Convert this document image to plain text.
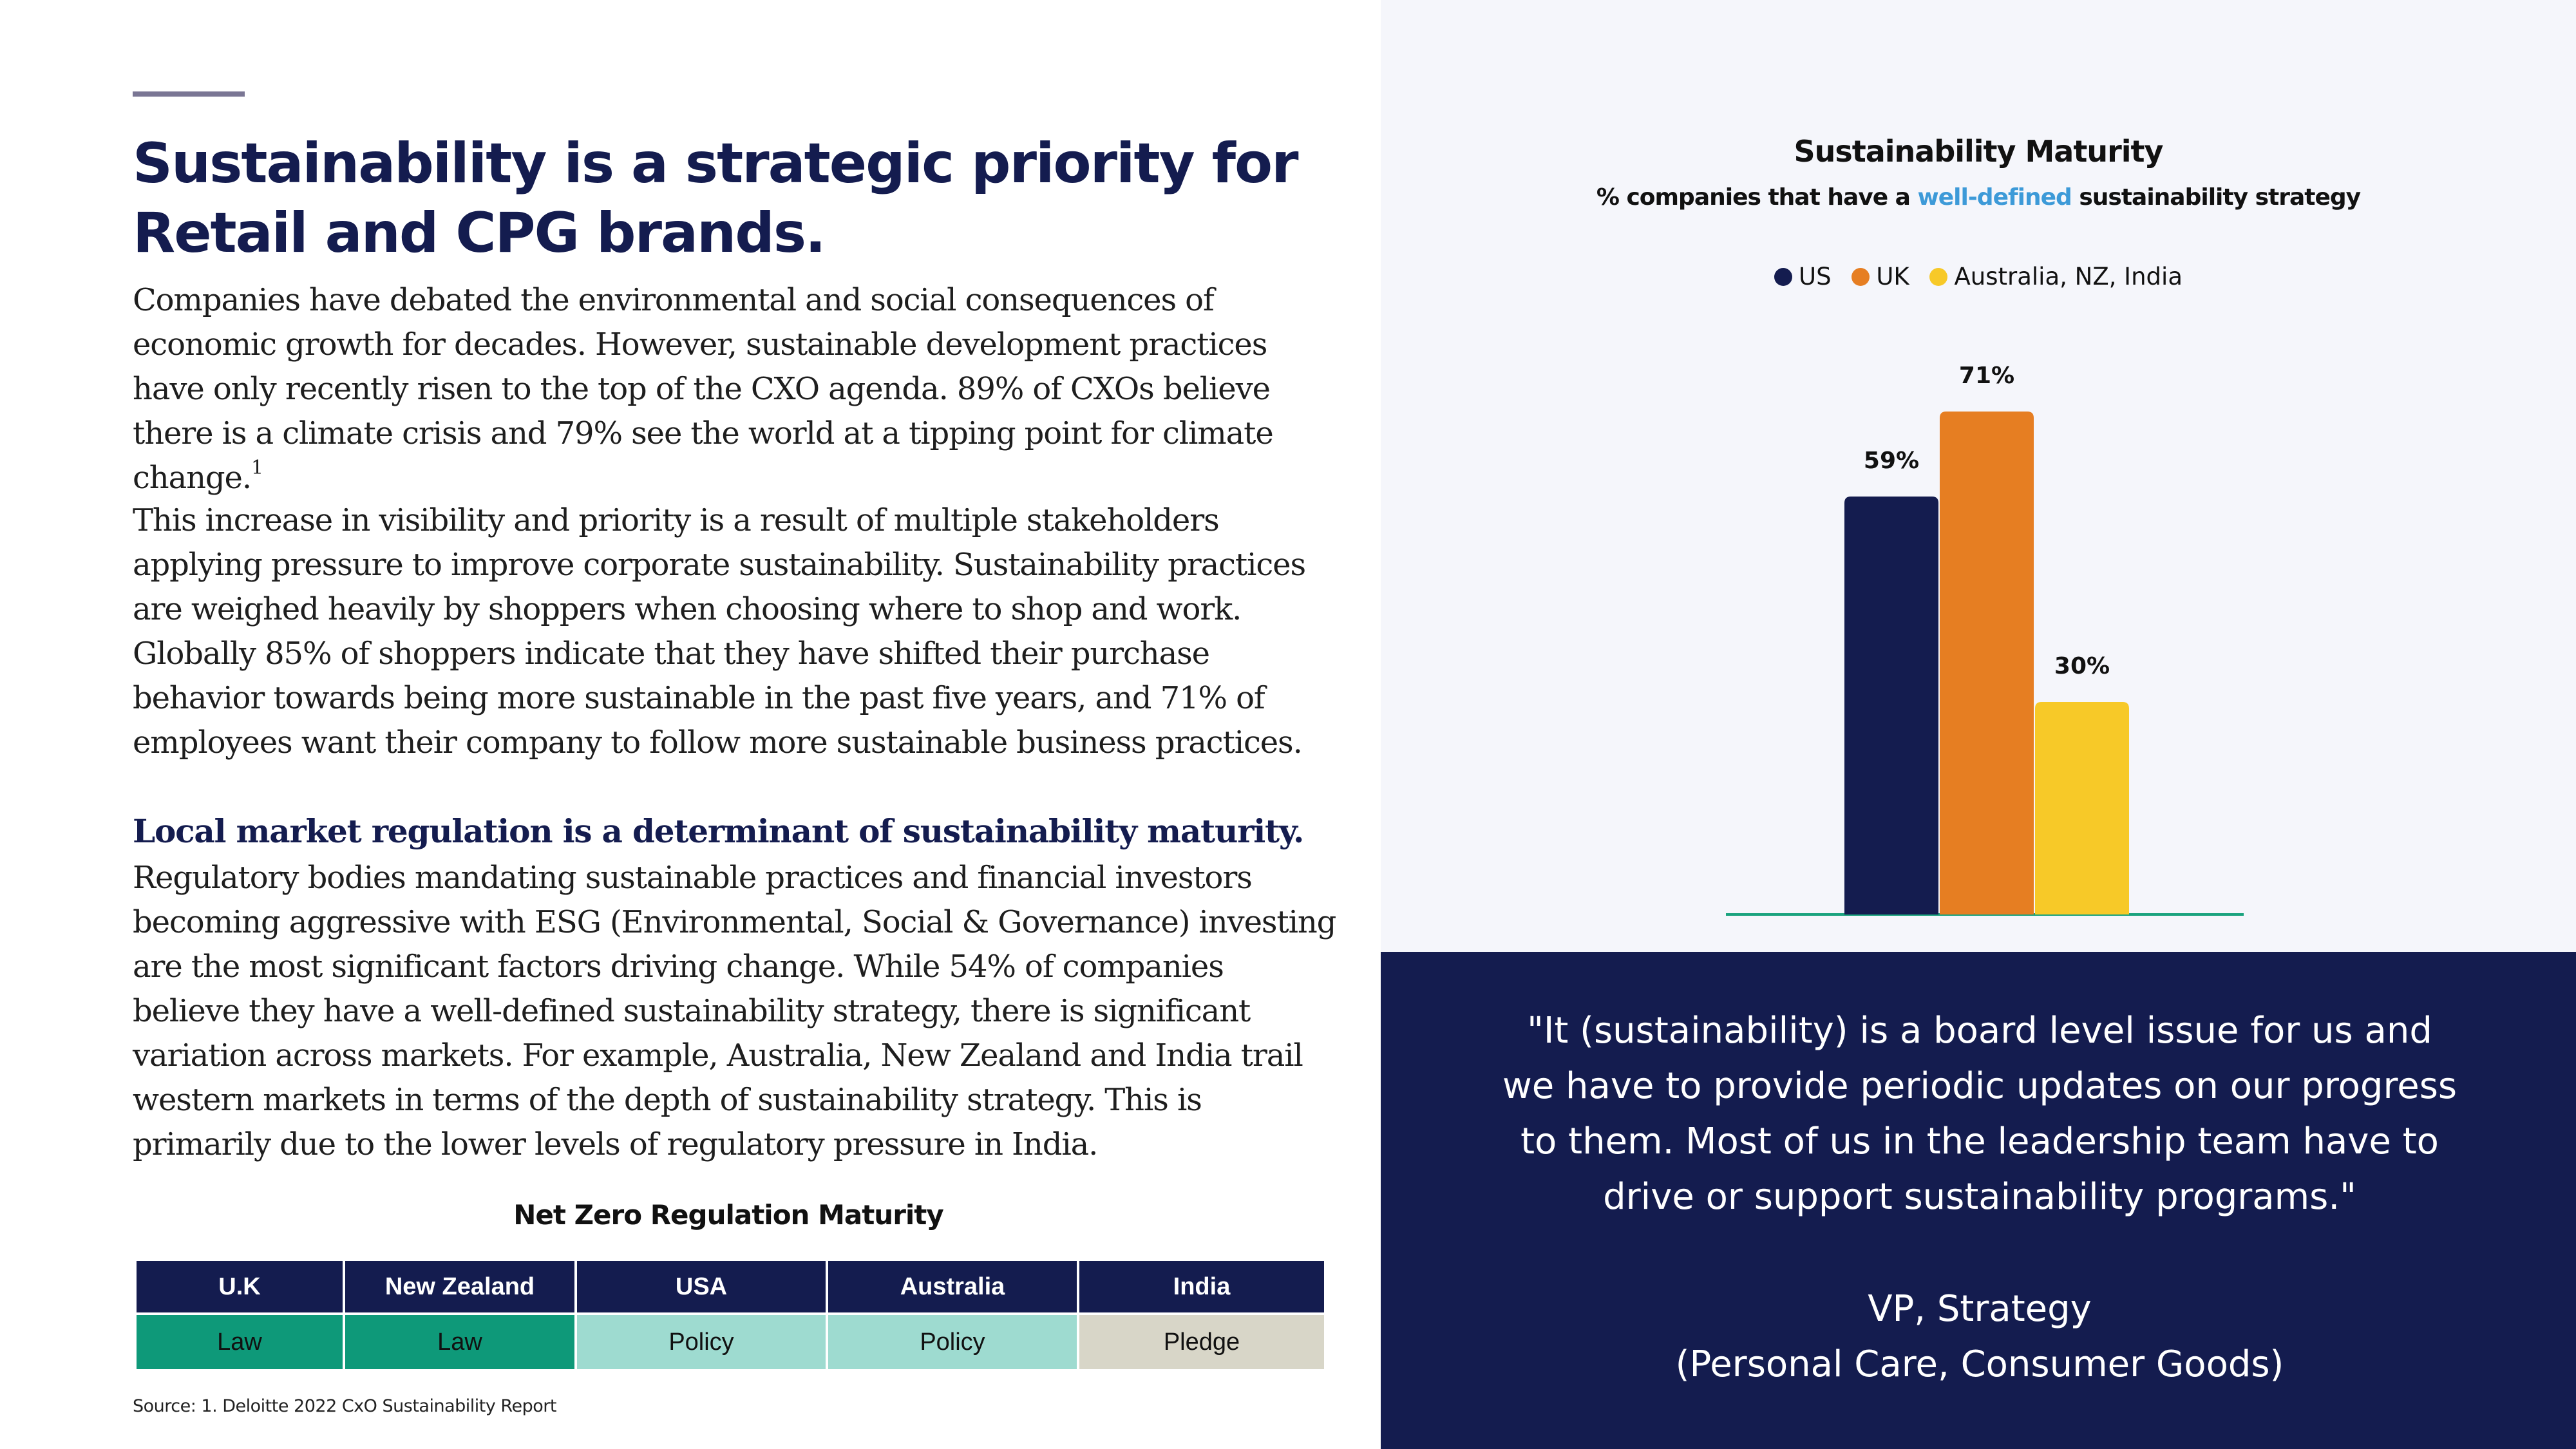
Sustainability is a strategic priority for Retail and CPG brands.

Companies have debated the environmental and social consequences of economic growth for decades. However, sustainable development practices have only recently risen to the top of the CXO agenda. 89% of CXOs believe there is a climate crisis and 79% see the world at a tipping point for climate change.$^1$

This increase in visibility and priority is a result of multiple stakeholders applying pressure to improve corporate sustainability. Sustainability practices are weighed heavily by shoppers when choosing where to shop and work. Globally 85% of shoppers indicate that they have shifted their purchase behavior towards being more sustainable in the past five years, and 71% of employees want their company to follow more sustainable business practices.

Local market regulation is a determinant of sustainability maturity.

Regulatory bodies mandating sustainable practices and financial investors becoming aggressive with ESG (Environmental, Social & Governance) investing are the most significant factors driving change. While 54% of companies believe they have a well-defined sustainability strategy, there is significant variation across markets. For example, Australia, New Zealand and India trail western markets in terms of the depth of sustainability strategy. This is primarily due to the lower levels of regulatory pressure in India.

Net Zero Regulation Maturity
U.K	New Zealand	USA	Australia	India
Law	Law	Policy	Policy	Pledge
Source: 1. Deloitte 2022 CxO Sustainability Report
Sustainability Maturity
% companies that have a well-defined sustainability strategy
US UK Australia, NZ, India
59%
71%
30%

"It (sustainability) is a board level issue for us and we have to provide periodic updates on our progress to them. Most of us in the leadership team have to drive or support sustainability programs."

VP, Strategy
(Personal Care, Consumer Goods)
